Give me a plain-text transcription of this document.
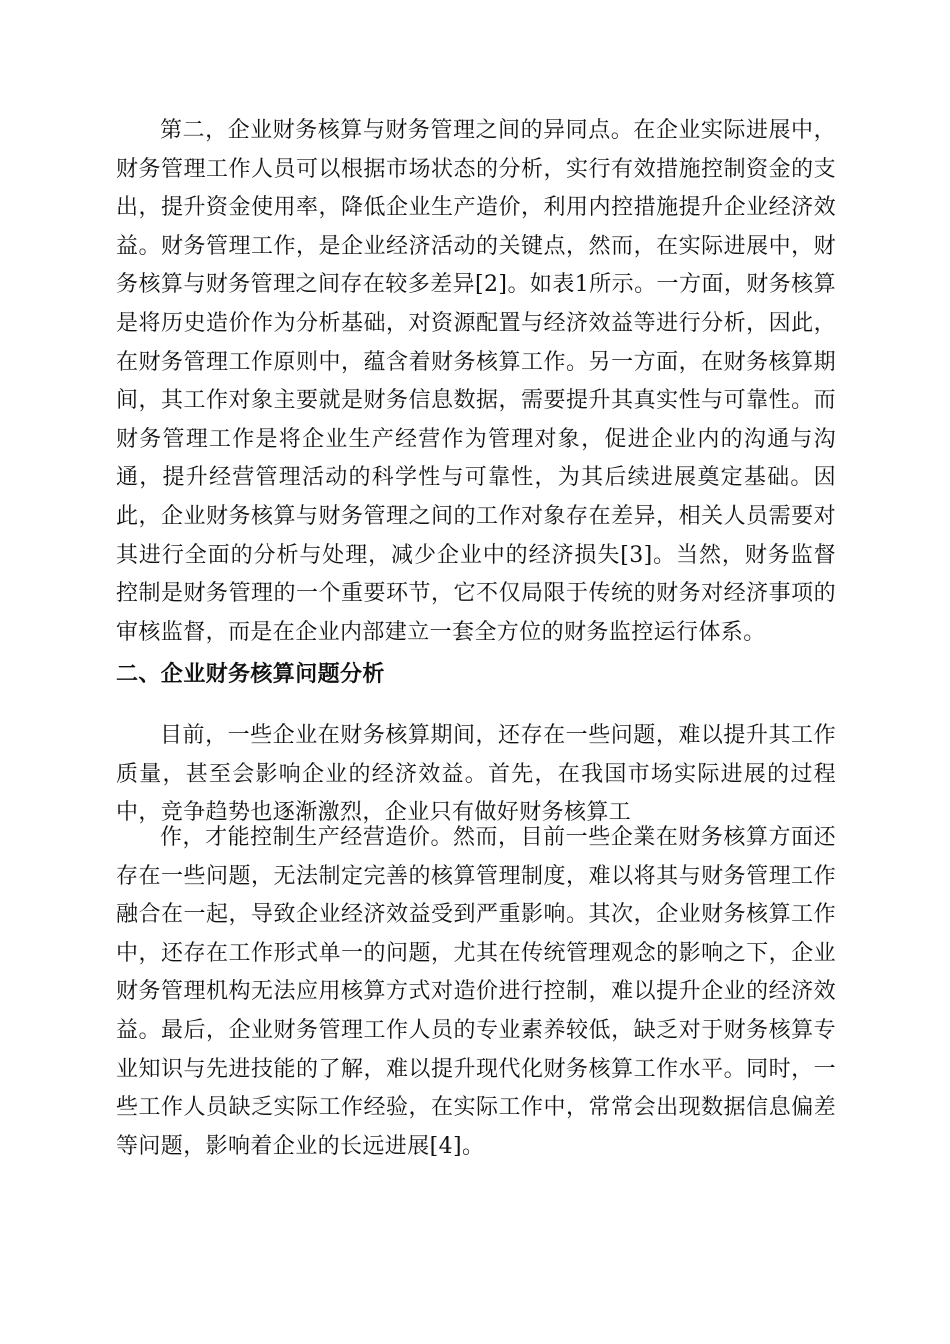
第二，企业财务核算与财务管理之间的异同点。在企业实际进展中，财务管理工作人员可以根据市场状态的分析，实行有效措施控制资金的支出，提升资金使用率，降低企业生产造价，利用内控措施提升企业经济效益。财务管理工作，是企业经济活动的关键点，然而，在实际进展中，财务核算与财务管理之间存在较多差异[2]。如表1所示。一方面，财务核算是将历史造价作为分析基础，对资源配置与经济效益等进行分析，因此，在财务管理工作原则中，蕴含着财务核算工作。另一方面，在财务核算期间，其工作对象主要就是财务信息数据，需要提升其真实性与可靠性。而财务管理工作是将企业生产经营作为管理对象，促进企业内的沟通与沟通，提升经营管理活动的科学性与可靠性，为其后续进展奠定基础。因此，企业财务核算与财务管理之间的工作对象存在差异，相关人员需要对其进行全面的分析与处理，减少企业中的经济损失[3]。当然，财务监督控制是财务管理的一个重要环节，它不仅局限于传统的财务对经济事项的审核监督，而是在企业内部建立一套全方位的财务监控运行体系。

二、企业财务核算问题分析

目前，一些企业在财务核算期间，还存在一些问题，难以提升其工作质量，甚至会影响企业的经济效益。首先，在我国市场实际进展的过程中，竞争趋势也逐渐激烈，企业只有做好财务核算工

作，才能控制生产经营造价。然而，目前一些企業在财务核算方面还存在一些问题，无法制定完善的核算管理制度，难以将其与财务管理工作融合在一起，导致企业经济效益受到严重影响。其次，企业财务核算工作中，还存在工作形式单一的问题，尤其在传统管理观念的影响之下，企业财务管理机构无法应用核算方式对造价进行控制，难以提升企业的经济效益。最后，企业财务管理工作人员的专业素养较低，缺乏对于财务核算专业知识与先进技能的了解，难以提升现代化财务核算工作水平。同时，一些工作人员缺乏实际工作经验，在实际工作中，常常会出现数据信息偏差等问题，影响着企业的长远进展[4]。
